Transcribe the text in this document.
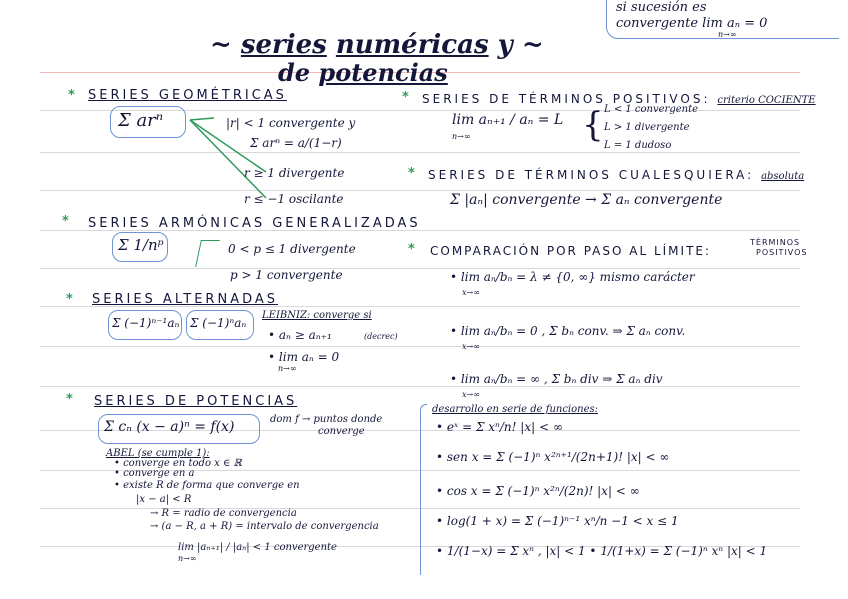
si sucesión es
convergente lim aₙ = 0
n→∞
~ series numéricas y ~
de potencias
* SERIES GEOMÉTRICAS
Σ arⁿ	|r| < 1 convergente y
Σ arⁿ = a/(1−r)
r ≥ 1 divergente
r ≤ −1 oscilante
* SERIES ARMÓNICAS GENERALIZADAS
Σ 1/nᵖ	0 < p ≤ 1 divergente
p > 1 convergente
* SERIES ALTERNADAS
Σ (−1)ⁿ⁻¹aₙ Σ (−1)ⁿaₙ
LEIBNIZ: converge si
• aₙ ≥ aₙ₊₁	(decrec)
• lim aₙ = 0
n→∞
* SERIES DE POTENCIAS
Σ cₙ (x − a)ⁿ = f(x)	dom f → puntos donde
converge
ABEL (se cumple 1):
• converge en todo x ∈ ℝ
• converge en a
• existe R de forma que converge en
|x − a| < R
→ R = radio de convergencia
→ (a − R, a + R) = intervalo de convergencia
lim |aₙ₊₁| / |aₙ| < 1 convergente
n→∞
* SERIES DE TÉRMINOS POSITIVOS: criterio COCIENTE
lim aₙ₊₁ / aₙ = L
n→∞	{ L < 1 convergente
L > 1 divergente
L = 1 dudoso
* SERIES DE TÉRMINOS CUALESQUIERA: absoluta
Σ |aₙ| convergente → Σ aₙ convergente
* COMPARACIÓN POR PASO AL LÍMITE:
TÉRMINOS
POSITIVOS
• lim aₙ/bₙ = λ ≠ {0, ∞} mismo carácter
x→∞
• lim aₙ/bₙ = 0 , Σ bₙ conv. ⇒ Σ aₙ conv.
x→∞
• lim aₙ/bₙ = ∞ , Σ bₙ div ⇒ Σ aₙ div
x→∞
desarrollo en serie de funciones:
• eˣ = Σ xⁿ/n! |x| < ∞
• sen x = Σ (−1)ⁿ x²ⁿ⁺¹/(2n+1)! |x| < ∞
• cos x = Σ (−1)ⁿ x²ⁿ/(2n)! |x| < ∞
• log(1 + x) = Σ (−1)ⁿ⁻¹ xⁿ/n −1 < x ≤ 1
• 1/(1−x) = Σ xⁿ , |x| < 1 • 1/(1+x) = Σ (−1)ⁿ xⁿ |x| < 1
